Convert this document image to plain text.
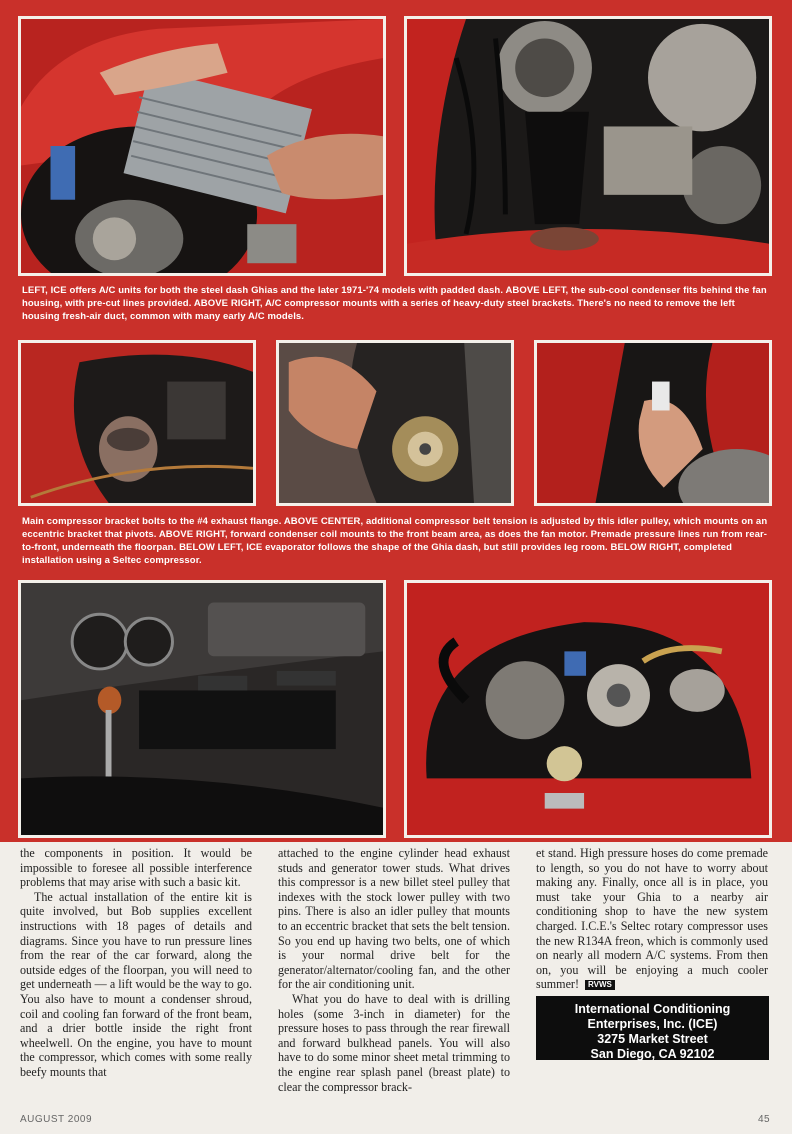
LEFT, ICE offers A/C units for both the steel dash Ghias and the later 1971-'74 models with padded dash. ABOVE LEFT, the sub-cool condenser fits behind the fan housing, with pre-cut lines provided. ABOVE RIGHT, A/C compressor mounts with a series of heavy-duty steel brackets. There's no need to remove the left housing fresh-air duct, common with many early A/C models.
Main compressor bracket bolts to the #4 exhaust flange. ABOVE CENTER, additional compressor belt tension is adjusted by this idler pulley, which mounts on an eccentric bracket that pivots. ABOVE RIGHT, forward condenser coil mounts to the front beam area, as does the fan motor. Premade pressure lines run from rear-to-front, underneath the floorpan. BELOW LEFT, ICE evaporator follows the shape of the Ghia dash, but still provides leg room. BELOW RIGHT, completed installation using a Seltec compressor.

the components in position. It would be impossible to foresee all possible interference problems that may arise with such a basic kit.

The actual installation of the entire kit is quite involved, but Bob supplies excellent instructions with 18 pages of details and diagrams. Since you have to run pressure lines from the rear of the car forward, along the outside edges of the floorpan, you will need to get underneath — a lift would be the way to go. You also have to mount a condenser shroud, coil and cooling fan forward of the front beam, and a drier bottle inside the right front wheelwell. On the engine, you have to mount the compressor, which comes with some really beefy mounts that

attached to the engine cylinder head exhaust studs and generator tower studs. What drives this compressor is a new billet steel pulley that indexes with the stock lower pulley with two pins. There is also an idler pulley that mounts to an eccentric bracket that sets the belt tension. So you end up having two belts, one of which is your normal drive belt for the generator/alternator/cooling fan, and the other for the air conditioning unit.

What you do have to deal with is drilling holes (some 3-inch in diameter) for the pressure hoses to pass through the rear firewall and forward bulkhead panels. You will also have to do some minor sheet metal trimming to the engine rear splash panel (breast plate) to clear the compressor brack-

et stand. High pressure hoses do come premade to length, so you do not have to worry about making any. Finally, once all is in place, you must take your Ghia to a nearby air conditioning shop to have the new system charged. I.C.E.'s Seltec rotary compressor uses the new R134A freon, which is commonly used on nearly all modern A/C systems. From then on, you will be enjoying a much cooler summer! RVWS

International Conditioning
Enterprises, Inc. (ICE)
3275 Market Street
San Diego, CA 92102
AUGUST 2009	45
